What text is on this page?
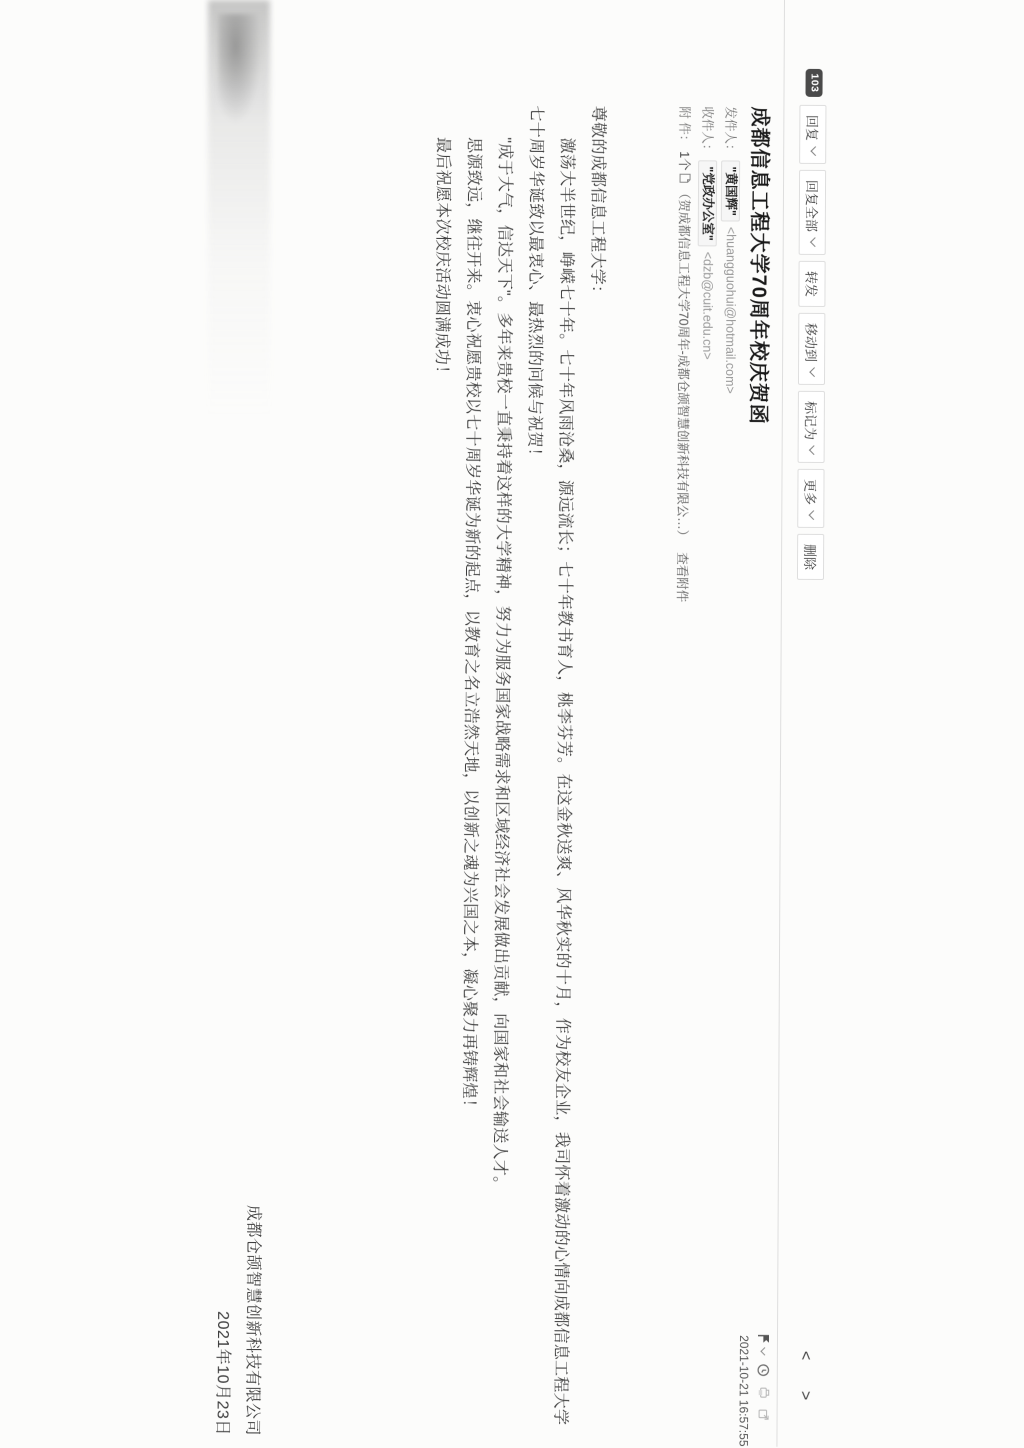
103
回复
回复全部
转发
移动到
标记为
更多
删除
<
>
成都信息工程大学70周年校庆贺函
2021-10-21 16:57:55
发件人：
"黄国辉"
<huangguohui@hotmail.com>
收件人：
"党政办公室"
<dzb@cuit.edu.cn>
附 件：
1个
（贺成都信息工程大学70周年-成都仓颉智慧创新科技有限公…）
查看附件
尊敬的成都信息工程大学：
激荡大半世纪，峥嵘七十年。七十年风雨沧桑，源远流长；七十年教书育人，桃李芬芳。在这金秋送爽、风华秋实的十月，作为校友企业，我司怀着激动的心情向成都信息工程大学
七十周岁华诞致以最衷心、最热烈的问候与祝贺！
"成于大气，信达天下"。多年来贵校一直秉持着这样的大学精神，努力为服务国家战略需求和区域经济社会发展做出贡献，向国家和社会输送人才。
思源致远，继往开来。衷心祝愿贵校以七十周岁华诞为新的起点，以教育之名立浩然天地，以创新之魂为兴国之本，凝心聚力再铸辉煌！
最后祝愿本次校庆活动圆满成功！
成都仓颉智慧创新科技有限公司
2021年10月23日
